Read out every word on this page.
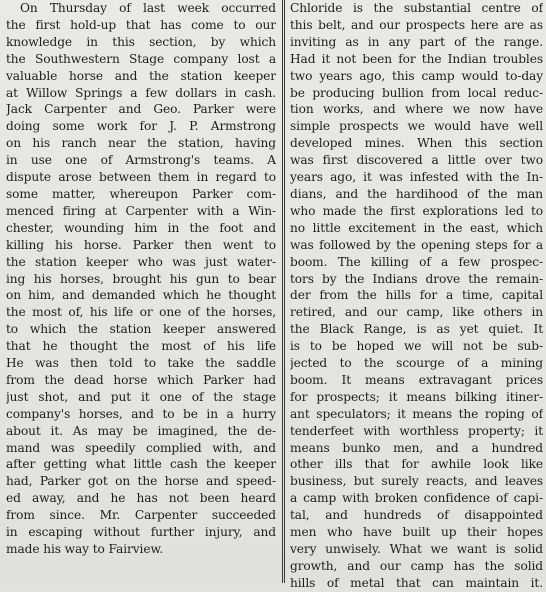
On Thursday of last week occurred
the first hold-up that has come to our
knowledge in this section, by which
the Southwestern Stage company lost a
valuable horse and the station keeper
at Willow Springs a few dollars in cash.
Jack Carpenter and Geo. Parker were
doing some work for J. P. Armstrong
on his ranch near the station, having
in use one of Armstrong's teams. A
dispute arose between them in regard to
some matter, whereupon Parker com-
menced firing at Carpenter with a Win-
chester, wounding him in the foot and
killing his horse. Parker then went to
the station keeper who was just water-
ing his horses, brought his gun to bear
on him, and demanded which he thought
the most of, his life or one of the horses,
to which the station keeper answered
that he thought the most of his life
He was then told to take the saddle
from the dead horse which Parker had
just shot, and put it one of the stage
company's horses, and to be in a hurry
about it. As may be imagined, the de-
mand was speedily complied with, and
after getting what little cash the keeper
had, Parker got on the horse and speed-
ed away, and he has not been heard
from since. Mr. Carpenter succeeded
in escaping without further injury, and
made his way to Fairview.
Chloride is the substantial centre of
this belt, and our prospects here are as
inviting as in any part of the range.
Had it not been for the Indian troubles
two years ago, this camp would to-day
be producing bullion from local reduc-
tion works, and where we now have
simple prospects we would have well
developed mines. When this section
was first discovered a little over two
years ago, it was infested with the In-
dians, and the hardihood of the man
who made the first explorations led to
no little excitement in the east, which
was followed by the opening steps for a
boom. The killing of a few prospec-
tors by the Indians drove the remain-
der from the hills for a time, capital
retired, and our camp, like others in
the Black Range, is as yet quiet. It
is to be hoped we will not be sub-
jected to the scourge of a mining
boom. It means extravagant prices
for prospects; it means bilking itiner-
ant speculators; it means the roping of
tenderfeet with worthless property; it
means bunko men, and a hundred
other ills that for awhile look like
business, but surely reacts, and leaves
a camp with broken confidence of capi-
tal, and hundreds of disappointed
men who have built up their hopes
very unwisely. What we want is solid
growth, and our camp has the solid
hills of metal that can maintain it.
